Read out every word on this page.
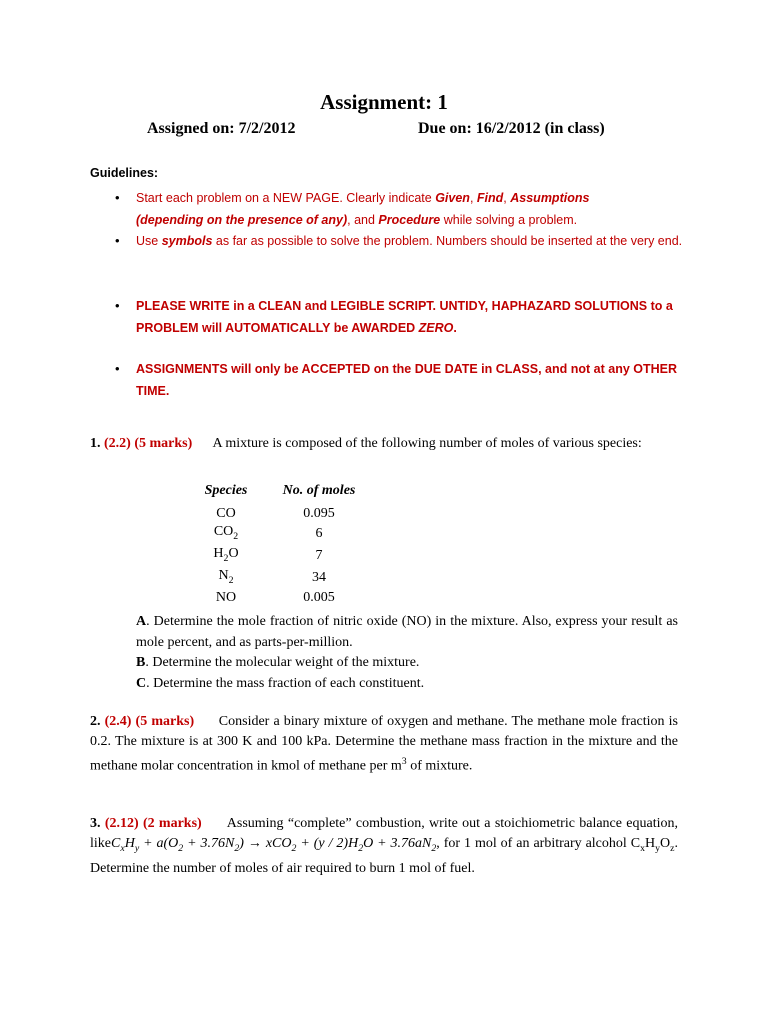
Assignment: 1
Assigned on: 7/2/2012	Due on: 16/2/2012 (in class)
Guidelines:
• Start each problem on a NEW PAGE. Clearly indicate Given, Find, Assumptions
(depending on the presence of any), and Procedure while solving a problem.
• Use symbols as far as possible to solve the problem. Numbers should be inserted at the very end.
• PLEASE WRITE in a CLEAN and LEGIBLE SCRIPT. UNTIDY, HAPHAZARD SOLUTIONS to a PROBLEM will AUTOMATICALLY be AWARDED ZERO.
• ASSIGNMENTS will only be ACCEPTED on the DUE DATE in CLASS, and not at any OTHER TIME.
1. (2.2) (5 marks) A mixture is composed of the following number of moles of various species:
Species		No. of moles
CO		0.095
$CO_2$		6
$H_2O$		7
$N_2$		34
NO		0.005
A. Determine the mole fraction of nitric oxide (NO) in the mixture. Also, express your result as mole percent, and as parts-per-million.
B. Determine the molecular weight of the mixture.
C. Determine the mass fraction of each constituent.
2. (2.4) (5 marks) Consider a binary mixture of oxygen and methane. The methane mole fraction is 0.2. The mixture is at 300 K and 100 kPa. Determine the methane mass fraction in the mixture and the methane molar concentration in kmol of methane per $m^3$ of mixture.
3. (2.12) (2 marks) Assuming “complete” combustion, write out a stoichiometric balance equation, $likeC_xH_y + a(O_2 + 3.76N_2) \to xCO_2 + (y / 2)H_2O + 3.76aN_2$, for 1 mol of an arbitrary alcohol $C_xH_yO_z$. Determine the number of moles of air required to burn 1 mol of fuel.
